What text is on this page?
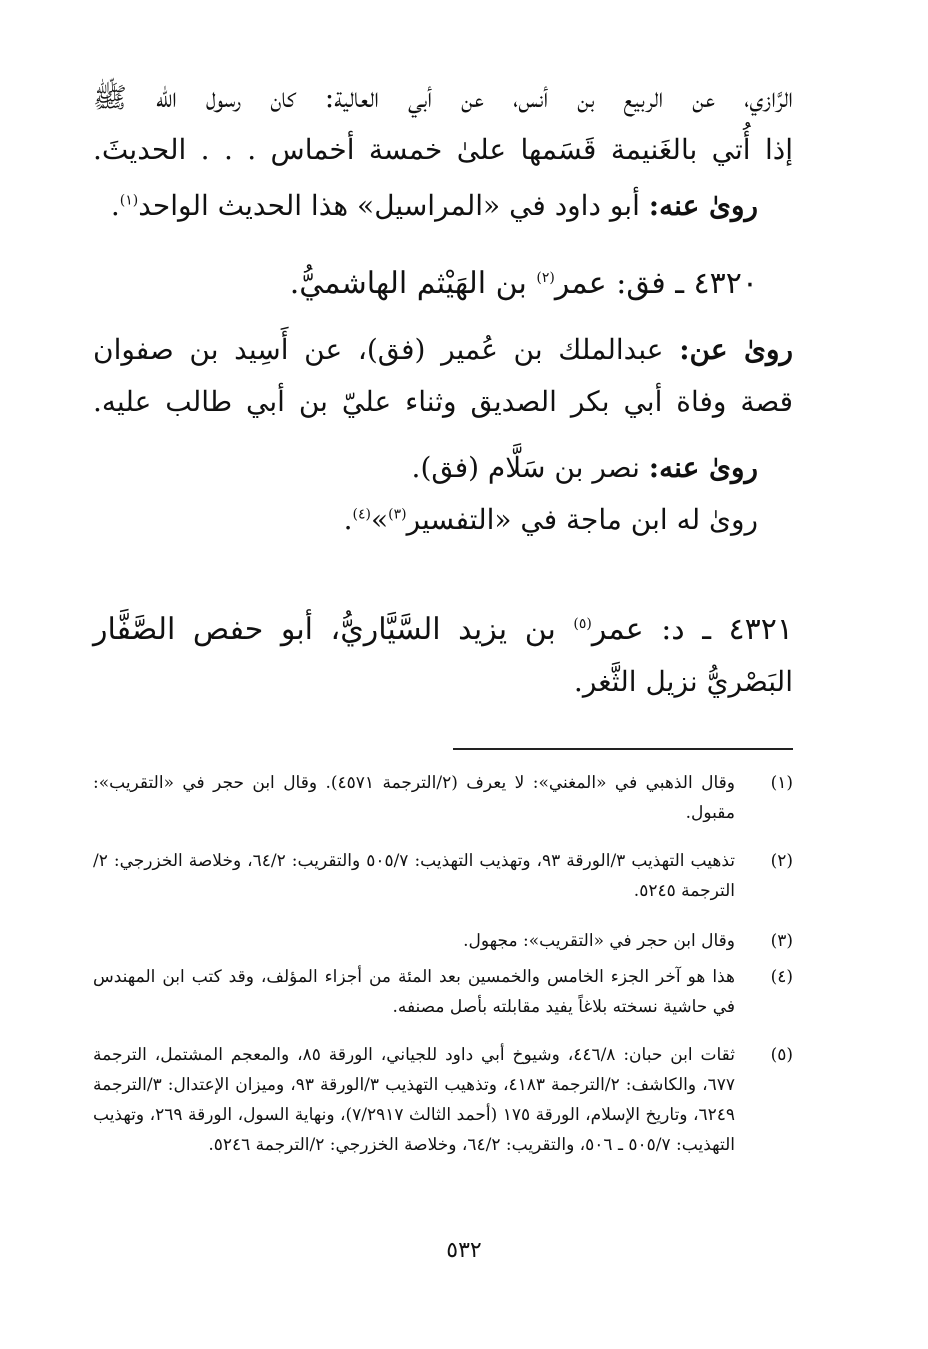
الرَّازي، عن الربيع بن أنس، عن أبي العالية: كان رسول الله ﷺ
إذا أُتي بالغَنيمة قَسَمها علىٰ خمسة أخماس . . . الحديثَ.
روىٰ عنه: أبو داود في «المراسيل» هذا الحديث الواحد$^{(١)}$.
٤٣٢٠ ـ فق: عمر$^{(٢)}$ بن الهَيْثم الهاشميُّ.
روىٰ عن: عبدالملك بن عُمير (فق)، عن أَسِيد بن صفوان
قصة وفاة أبي بكر الصديق وثناء عليّ بن أبي طالب عليه.
روىٰ عنه: نصر بن سَلَّام (فق).
روىٰ له ابن ماجة في «التفسير$^{(٣)}$»$^{(٤)}$.
٤٣٢١ ـ د: عمر$^{(٥)}$ بن يزيد السَّيَّاريُّ، أبو حفص الصَّفَّار
البَصْريُّ نزيل الثَّغر.
(١)
وقال الذهبي في «المغني»: لا يعرف (٢/الترجمة ٤٥٧١). وقال ابن حجر في «التقريب»: مقبول.
(٢)
تذهيب التهذيب ٣/الورقة ٩٣، وتهذيب التهذيب: ٥٠٥/٧ والتقريب: ٦٤/٢، وخلاصة الخزرجي: ٢/الترجمة ٥٢٤٥.
(٣)
وقال ابن حجر في «التقريب»: مجهول.
(٤)
هذا هو آخر الجزء الخامس والخمسين بعد المئة من أجزاء المؤلف، وقد كتب ابن المهندس في حاشية نسخته بلاغاً يفيد مقابلته بأصل مصنفه.
(٥)
ثقات ابن حبان: ٤٤٦/٨، وشيوخ أبي داود للجياني، الورقة ٨٥، والمعجم المشتمل، الترجمة ٦٧٧، والكاشف: ٢/الترجمة ٤١٨٣، وتذهيب التهذيب ٣/الورقة ٩٣، وميزان الإعتدال: ٣/الترجمة ٦٢٤٩، وتاريخ الإسلام، الورقة ١٧٥ (أحمد الثالث ٧/٢٩١٧)، ونهاية السول، الورقة ٢٦٩، وتهذيب التهذيب: ٥٠٥/٧ ـ ٥٠٦، والتقريب: ٦٤/٢، وخلاصة الخزرجي: ٢/الترجمة ٥٢٤٦.
٥٣٢
